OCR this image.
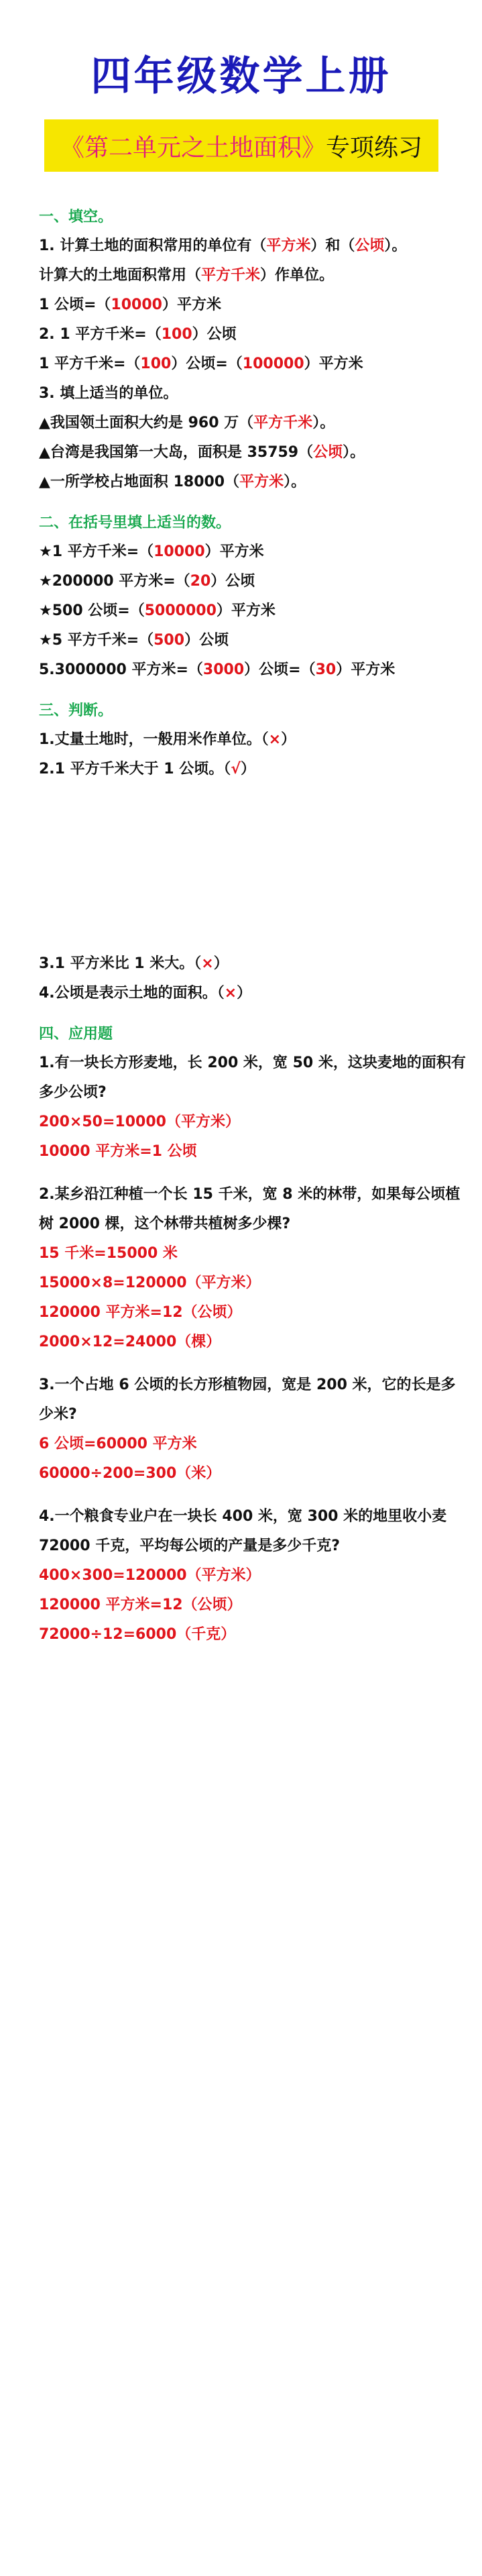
四年级数学上册
《第二单元之土地面积》 专项练习
一、填空。
1. 计算土地的面积常用的单位有（平方米）和（公顷）。
计算大的土地面积常用（平方千米）作单位。
1 公顷=（10000）平方米
2. 1 平方千米=（100）公顷
1 平方千米=（100）公顷=（100000）平方米
3. 填上适当的单位。
▲我国领土面积大约是 960 万（平方千米）。
▲台湾是我国第一大岛，面积是 35759（公顷）。
▲一所学校占地面积 18000（平方米）。
二、在括号里填上适当的数。
★1 平方千米=（10000）平方米
★200000 平方米=（20）公顷
★500 公顷=（5000000）平方米
★5 平方千米=（500）公顷
5.3000000 平方米=（3000）公顷=（30）平方米
三、判断。
1.丈量土地时，一般用米作单位。（×）
2.1 平方千米大于 1 公顷。（√）
3.1 平方米比 1 米大。（×）
4.公顷是表示土地的面积。（×）
四、应用题
1.有一块长方形麦地，长 200 米，宽 50 米，这块麦地的面积有多少公顷?
200×50=10000（平方米）
10000 平方米=1 公顷
2.某乡沿江种植一个长 15 千米，宽 8 米的林带，如果每公顷植树 2000 棵，这个林带共植树多少棵?
15 千米=15000 米
15000×8=120000（平方米）
120000 平方米=12（公顷）
2000×12=24000（棵）
3.一个占地 6 公顷的长方形植物园，宽是 200 米，它的长是多少米?
6 公顷=60000 平方米
60000÷200=300（米）
4.一个粮食专业户在一块长 400 米，宽 300 米的地里收小麦 72000 千克，平均每公顷的产量是多少千克?
400×300=120000（平方米）
120000 平方米=12（公顷）
72000÷12=6000（千克）
